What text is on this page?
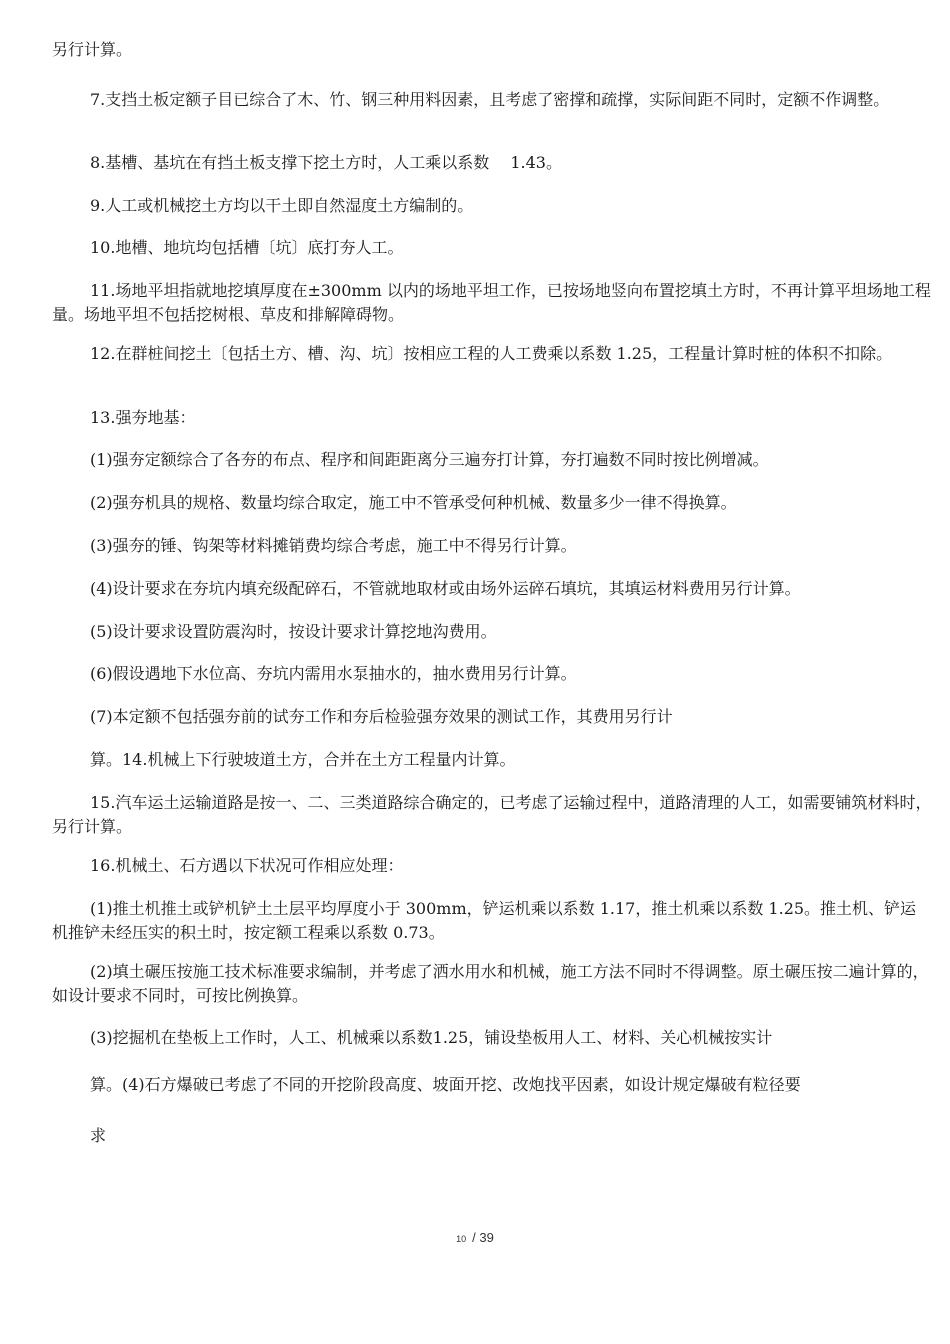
另行计算。

7.支挡土板定额子目已综合了木、竹、钢三种用料因素，且考虑了密撑和疏撑，实际间距不同时，定额不作调整。

8.基槽、基坑在有挡土板支撑下挖土方时，人工乘以系数　 1.43。

9.人工或机械挖土方均以干土即自然湿度土方编制的。

10.地槽、地坑均包括槽〔坑〕底打夯人工。

11.场地平坦指就地挖填厚度在±300mm 以内的场地平坦工作，已按场地竖向布置挖填土方时，不再计算平坦场地工程量。场地平坦不包括挖树根、草皮和排解障碍物。

12.在群桩间挖土〔包括土方、槽、沟、坑〕按相应工程的人工费乘以系数 1.25，工程量计算时桩的体积不扣除。

13.强夯地基：

(1)强夯定额综合了各夯的布点、程序和间距距离分三遍夯打计算，夯打遍数不同时按比例增减。

(2)强夯机具的规格、数量均综合取定，施工中不管承受何种机械、数量多少一律不得换算。

(3)强夯的锤、钩架等材料摊销费均综合考虑，施工中不得另行计算。

(4)设计要求在夯坑内填充级配碎石，不管就地取材或由场外运碎石填坑，其填运材料费用另行计算。

(5)设计要求设置防震沟时，按设计要求计算挖地沟费用。

(6)假设遇地下水位高、夯坑内需用水泵抽水的，抽水费用另行计算。

(7)本定额不包括强夯前的试夯工作和夯后检验强夯效果的测试工作，其费用另行计

算。14.机械上下行驶坡道土方，合并在土方工程量内计算。

15.汽车运土运输道路是按一、二、三类道路综合确定的，已考虑了运输过程中，道路清理的人工，如需要铺筑材料时，另行计算。

16.机械土、石方遇以下状况可作相应处理：

(1)推土机推土或铲机铲土土层平均厚度小于 300mm，铲运机乘以系数 1.17，推土机乘以系数 1.25。推土机、铲运机推铲未经压实的积土时，按定额工程乘以系数 0.73。

(2)填土碾压按施工技术标准要求编制，并考虑了洒水用水和机械，施工方法不同时不得调整。原土碾压按二遍计算的，如设计要求不同时，可按比例换算。

(3)挖掘机在垫板上工作时，人工、机械乘以系数1.25，铺设垫板用人工、材料、关心机械按实计

算。(4)石方爆破已考虑了不同的开挖阶段高度、坡面开挖、改炮找平因素，如设计规定爆破有粒径要

求

10 / 39
